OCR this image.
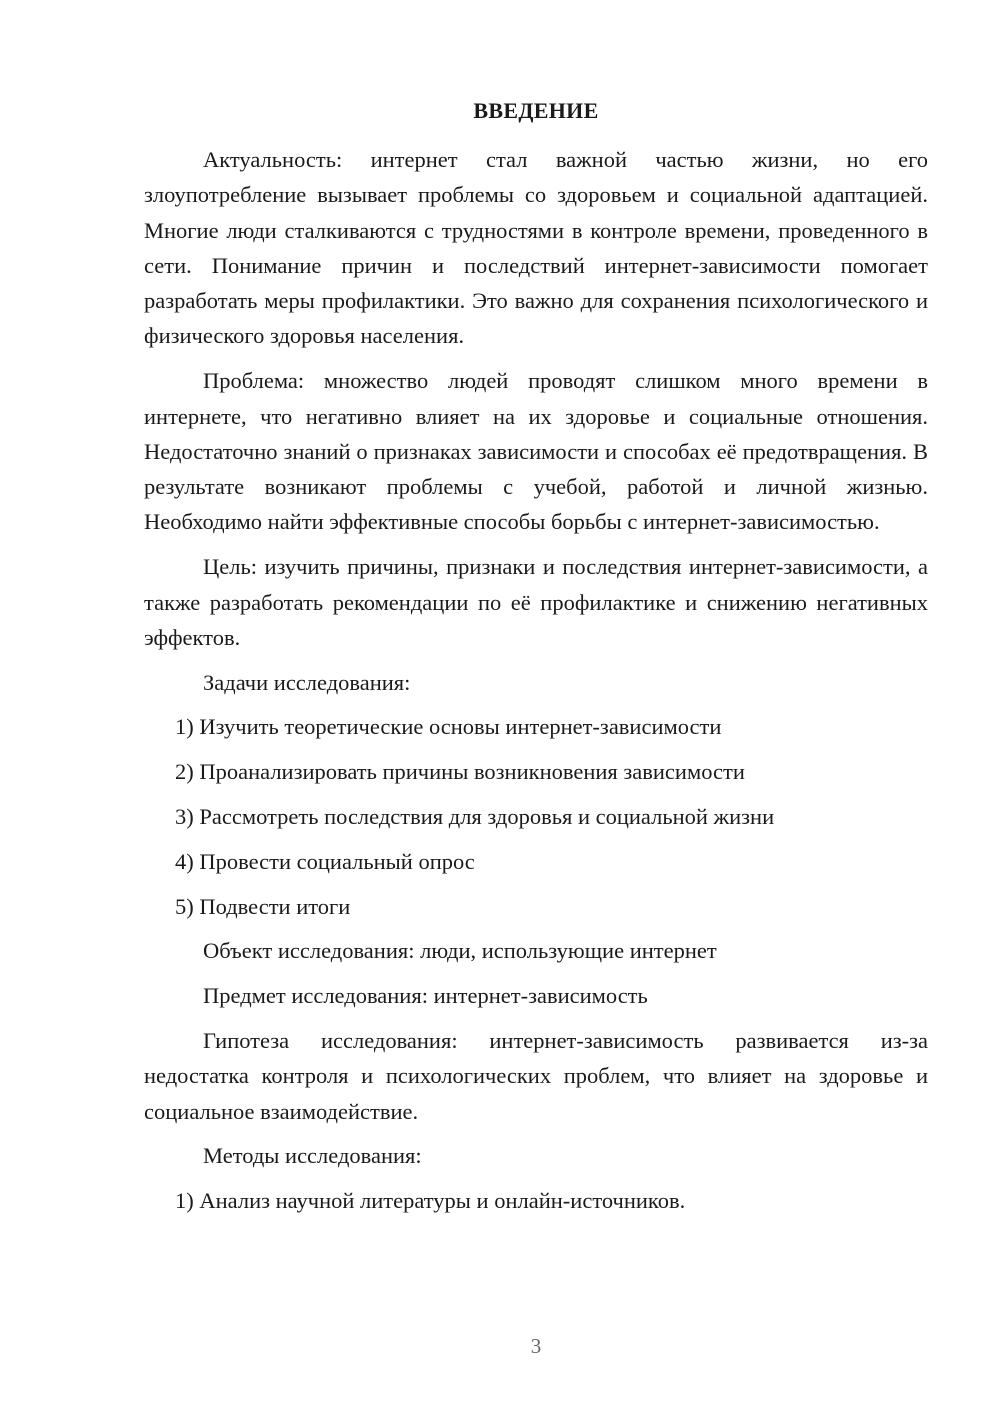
ВВЕДЕНИЕ

Актуальность: интернет стал важной частью жизни, но его злоупотребление вызывает проблемы со здоровьем и социальной адаптацией. Многие люди сталкиваются с трудностями в контроле времени, проведенного в сети. Понимание причин и последствий интернет-зависимости помогает разработать меры профилактики. Это важно для сохранения психологического и физического здоровья населения.

Проблема: множество людей проводят слишком много времени в интернете, что негативно влияет на их здоровье и социальные отношения. Недостаточно знаний о признаках зависимости и способах её предотвращения. В результате возникают проблемы с учебой, работой и личной жизнью. Необходимо найти эффективные способы борьбы с интернет-зависимостью.

Цель: изучить причины, признаки и последствия интернет-зависимости, а также разработать рекомендации по её профилактике и снижению негативных эффектов.

Задачи исследования:

1) Изучить теоретические основы интернет-зависимости

2) Проанализировать причины возникновения зависимости

3) Рассмотреть последствия для здоровья и социальной жизни

4) Провести социальный опрос

5) Подвести итоги

Объект исследования: люди, использующие интернет

Предмет исследования: интернет-зависимость

Гипотеза исследования: интернет-зависимость развивается из-за недостатка контроля и психологических проблем, что влияет на здоровье и социальное взаимодействие.

Методы исследования:

1) Анализ научной литературы и онлайн-источников.

3
